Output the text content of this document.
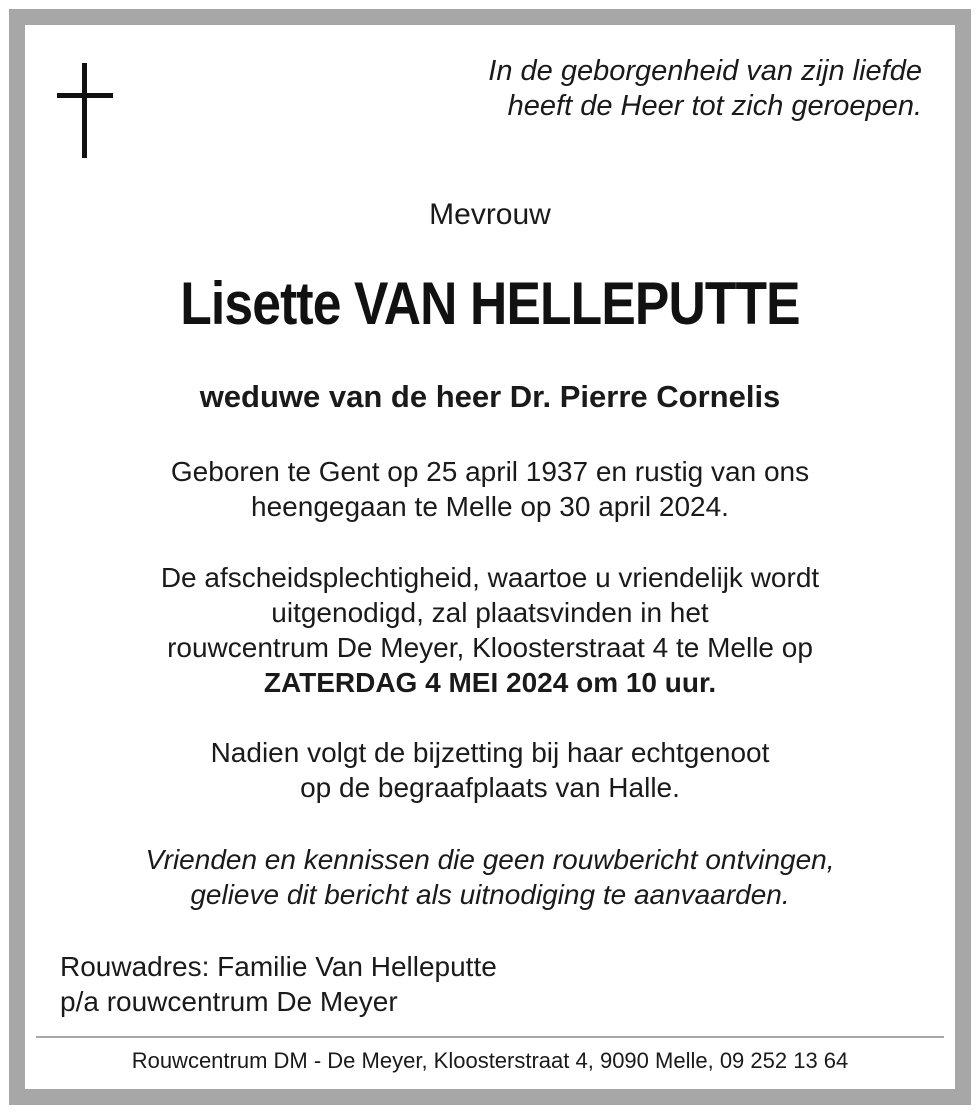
In de geborgenheid van zijn liefde
heeft de Heer tot zich geroepen.

Mevrouw

Lisette VAN HELLEPUTTE

weduwe van de heer Dr. Pierre Cornelis

Geboren te Gent op 25 april 1937 en rustig van ons
heengegaan te Melle op 30 april 2024.

De afscheidsplechtigheid, waartoe u vriendelijk wordt
uitgenodigd, zal plaatsvinden in het
rouwcentrum De Meyer, Kloosterstraat 4 te Melle op
ZATERDAG 4 MEI 2024 om 10 uur.

Nadien volgt de bijzetting bij haar echtgenoot
op de begraafplaats van Halle.

Vrienden en kennissen die geen rouwbericht ontvingen,
gelieve dit bericht als uitnodiging te aanvaarden.

Rouwadres: Familie Van Helleputte
p/a rouwcentrum De Meyer

Rouwcentrum DM - De Meyer, Kloosterstraat 4, 9090 Melle, 09 252 13 64
